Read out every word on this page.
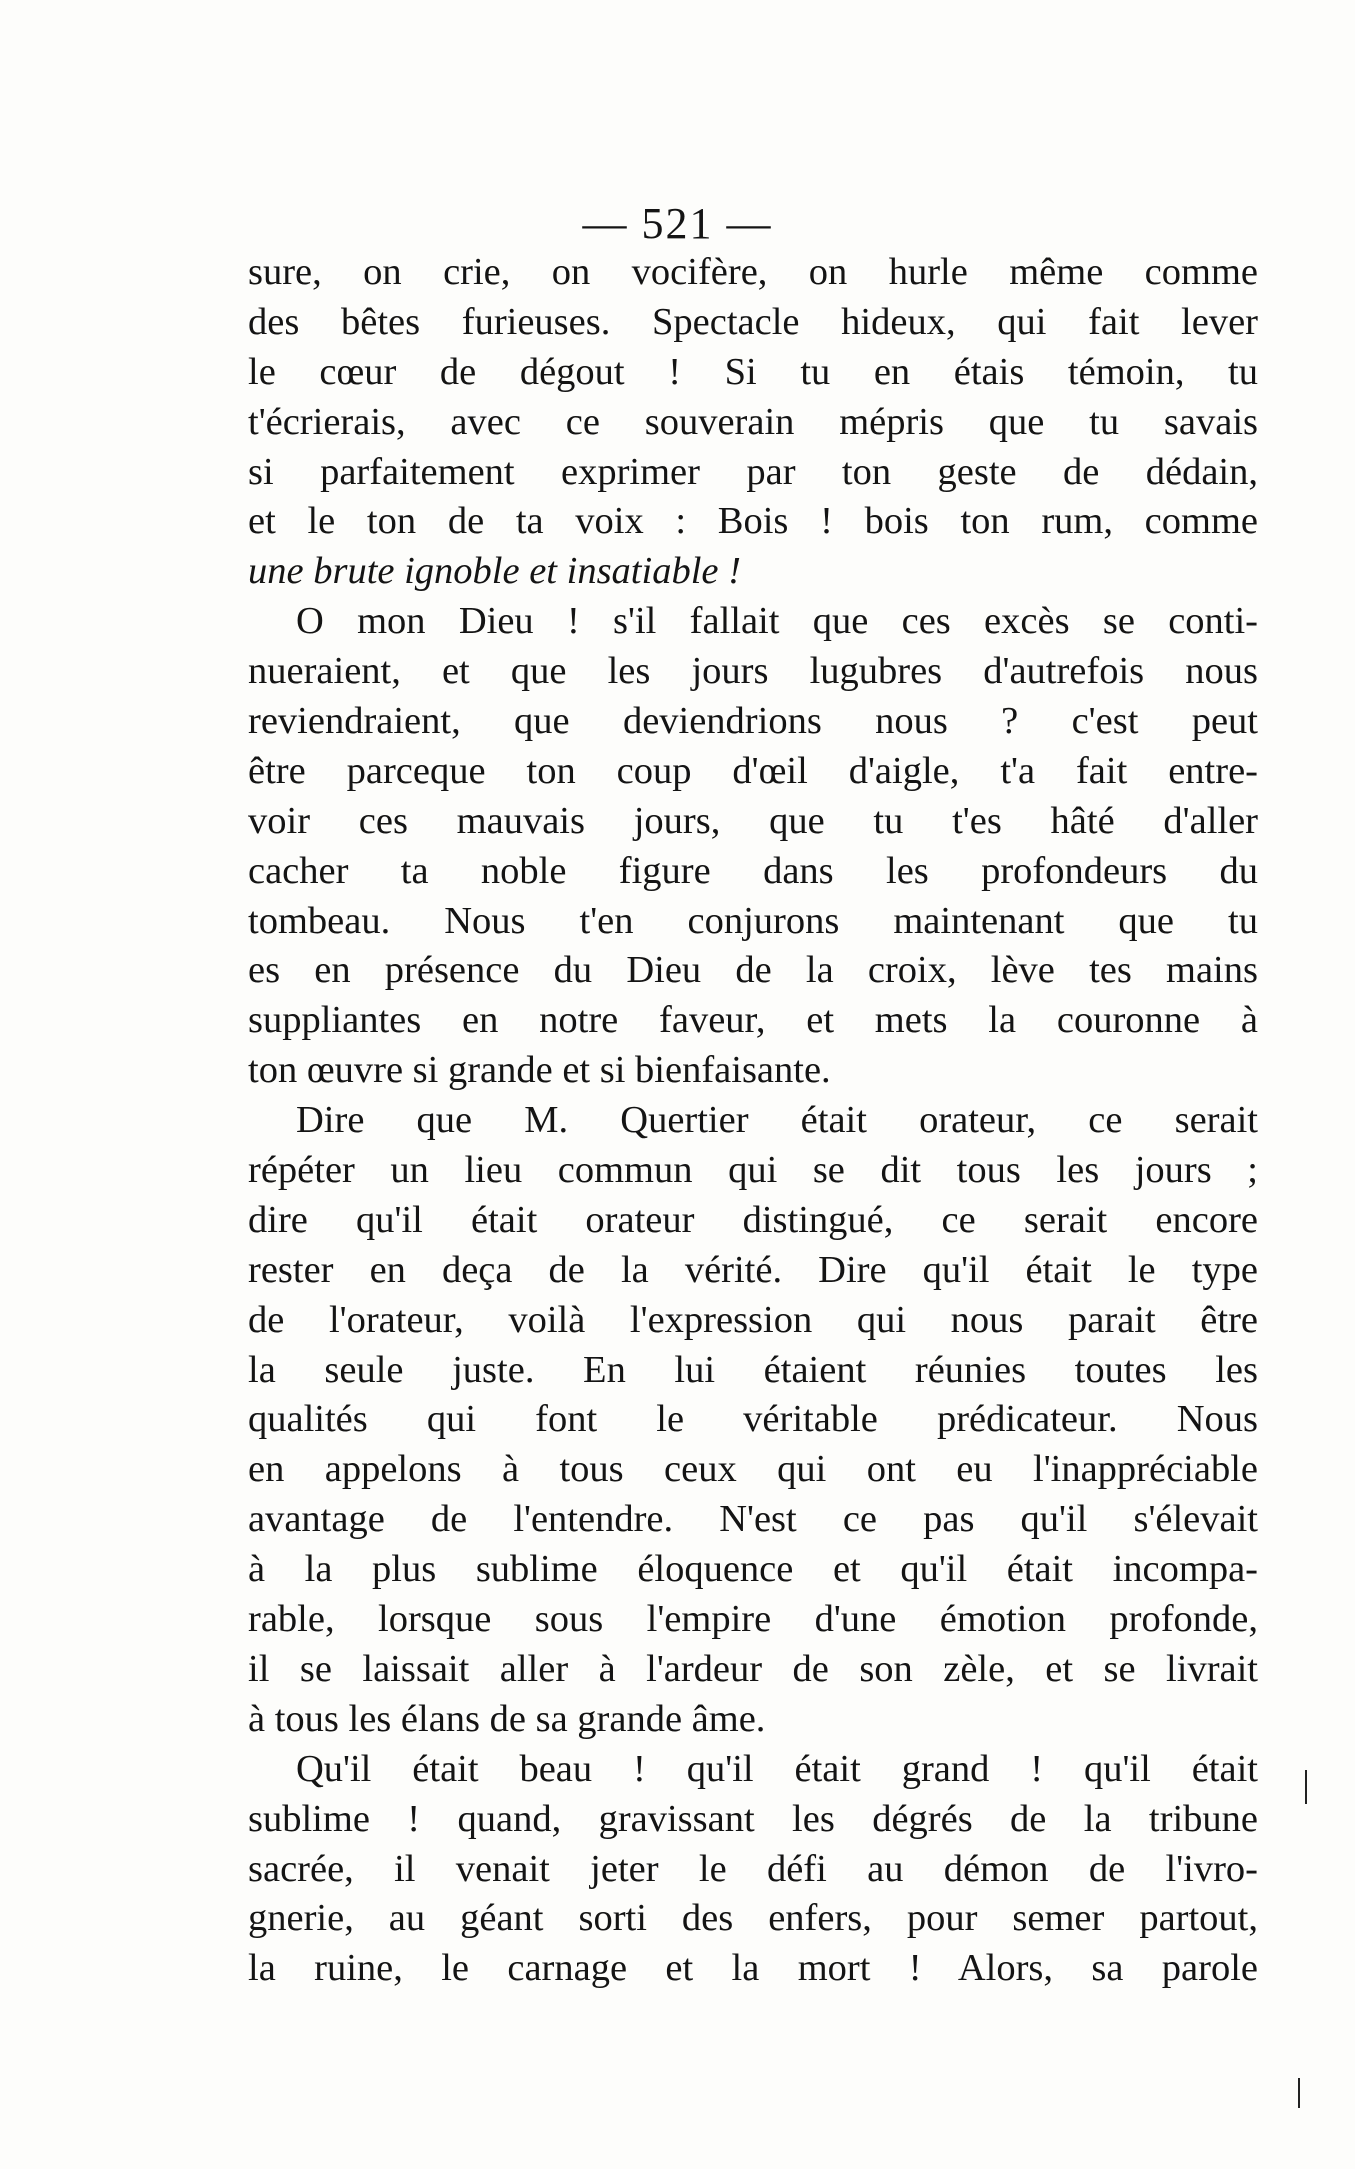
— 521 —
sure, on crie, on vocifère, on hurle même comme
des bêtes furieuses. Spectacle hideux, qui fait lever
le cœur de dégout ! Si tu en étais témoin, tu
t'écrierais, avec ce souverain mépris que tu savais
si parfaitement exprimer par ton geste de dédain,
et le ton de ta voix : Bois ! bois ton rum, comme
une brute ignoble et insatiable !
O mon Dieu ! s'il fallait que ces excès se conti-
nueraient, et que les jours lugubres d'autrefois nous
reviendraient, que deviendrions nous ? c'est peut
être parceque ton coup d'œil d'aigle, t'a fait entre-
voir ces mauvais jours, que tu t'es hâté d'aller
cacher ta noble figure dans les profondeurs du
tombeau. Nous t'en conjurons maintenant que tu
es en présence du Dieu de la croix, lève tes mains
suppliantes en notre faveur, et mets la couronne à
ton œuvre si grande et si bienfaisante.
Dire que M. Quertier était orateur, ce serait
répéter un lieu commun qui se dit tous les jours ;
dire qu'il était orateur distingué, ce serait encore
rester en deça de la vérité. Dire qu'il était le type
de l'orateur, voilà l'expression qui nous parait être
la seule juste. En lui étaient réunies toutes les
qualités qui font le véritable prédicateur. Nous
en appelons à tous ceux qui ont eu l'inappréciable
avantage de l'entendre. N'est ce pas qu'il s'élevait
à la plus sublime éloquence et qu'il était incompa-
rable, lorsque sous l'empire d'une émotion profonde,
il se laissait aller à l'ardeur de son zèle, et se livrait
à tous les élans de sa grande âme.
Qu'il était beau ! qu'il était grand ! qu'il était
sublime ! quand, gravissant les dégrés de la tribune
sacrée, il venait jeter le défi au démon de l'ivro-
gnerie, au géant sorti des enfers, pour semer partout,
la ruine, le carnage et la mort ! Alors, sa parole
